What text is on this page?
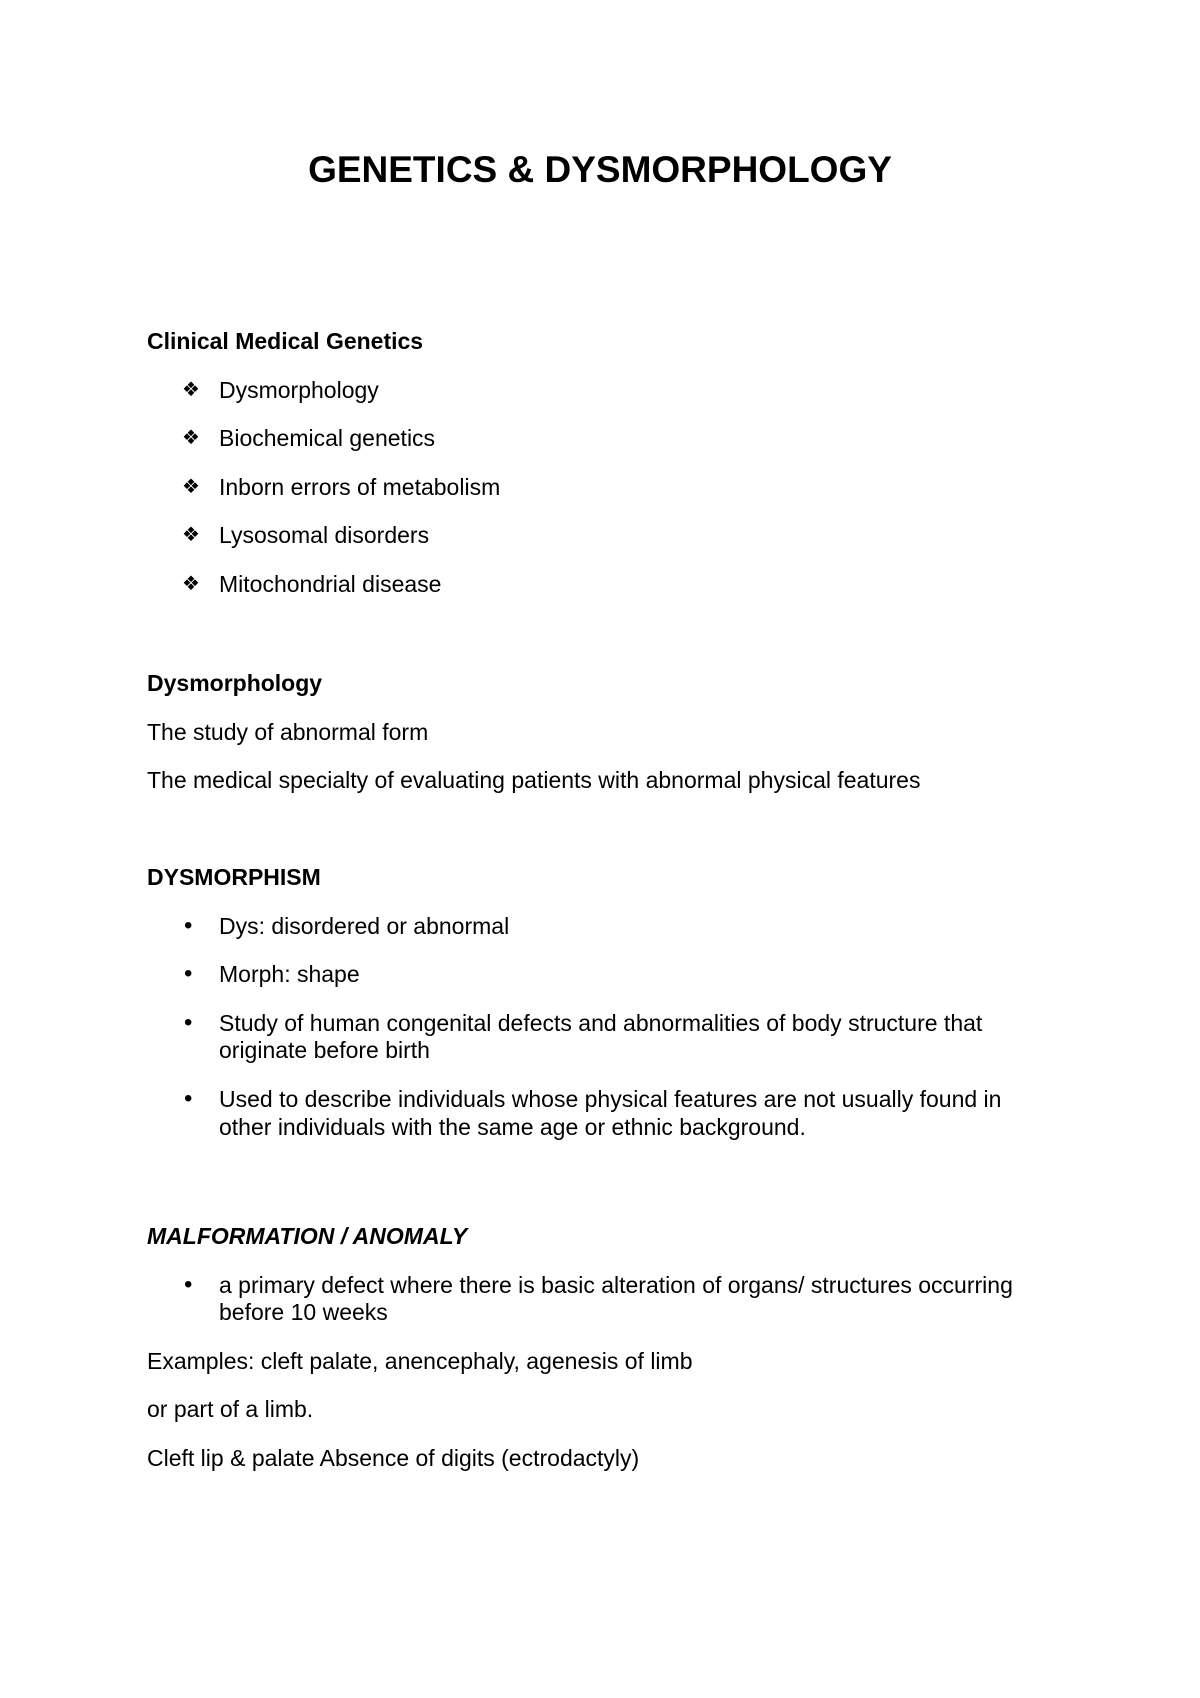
GENETICS & DYSMORPHOLOGY

Clinical Medical Genetics

❖ Dysmorphology
❖ Biochemical genetics
❖ Inborn errors of metabolism
❖ Lysosomal disorders
❖ Mitochondrial disease

Dysmorphology

The study of abnormal form

The medical specialty of evaluating patients with abnormal physical features

DYSMORPHISM

•	Dys: disordered or abnormal
•	Morph: shape
•	Study of human congenital defects and abnormalities of body structure that originate before birth
•	Used to describe individuals whose physical features are not usually found in other individuals with the same age or ethnic background.

MALFORMATION / ANOMALY

•	a primary defect where there is basic alteration of organs/ structures occurring before 10 weeks

Examples: cleft palate, anencephaly, agenesis of limb

or part of a limb.

Cleft lip & palate Absence of digits (ectrodactyly)
